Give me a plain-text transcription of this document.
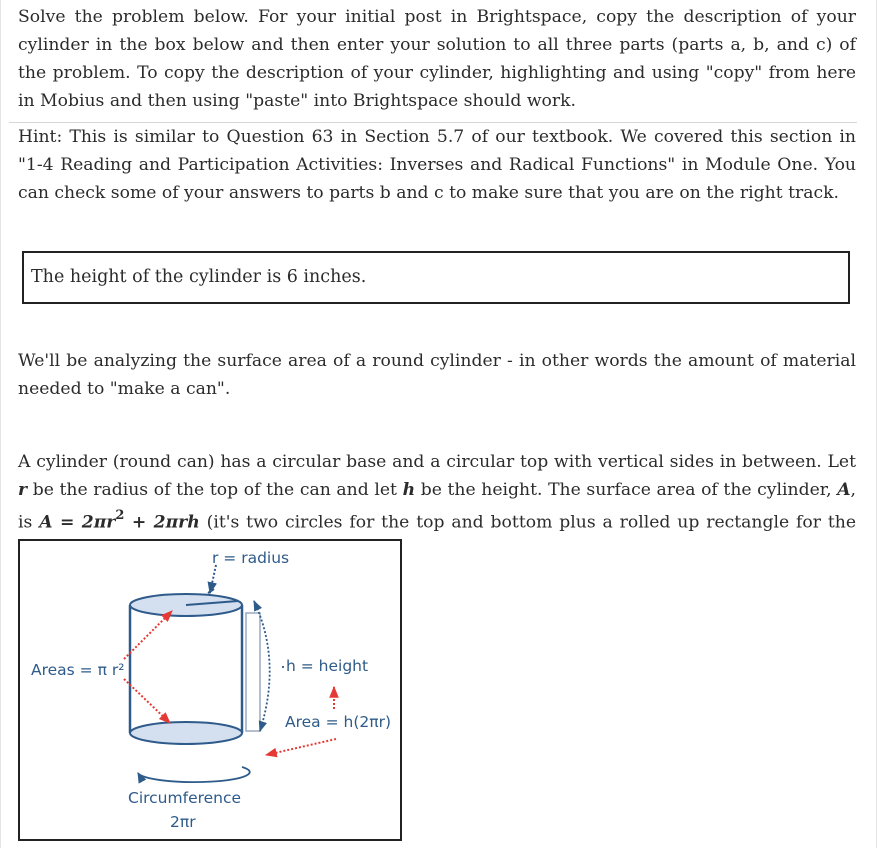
Solve the problem below. For your initial post in Brightspace, copy the description of your cylinder in the box below and then enter your solution to all three parts (parts a, b, and c) of the problem. To copy the description of your cylinder, highlighting and using "copy" from here in Mobius and then using "paste" into Brightspace should work.

Hint: This is similar to Question 63 in Section 5.7 of our textbook. We covered this section in "1-4 Reading and Participation Activities: Inverses and Radical Functions" in Module One. You can check some of your answers to parts b and c to make sure that you are on the right track.

The height of the cylinder is 6 inches.

We'll be analyzing the surface area of a round cylinder - in other words the amount of material needed to "make a can".

A cylinder (round can) has a circular base and a circular top with vertical sides in between. Let r be the radius of the top of the can and let h be the height. The surface area of the cylinder, A, is $A = 2\pi r^2 + 2\pi rh$ (it's two circles for the top and bottom plus a rolled up rectangle for the

r = radius
Areas = π r²	h = height
Area = h(2πr)
Circumference
2πr
